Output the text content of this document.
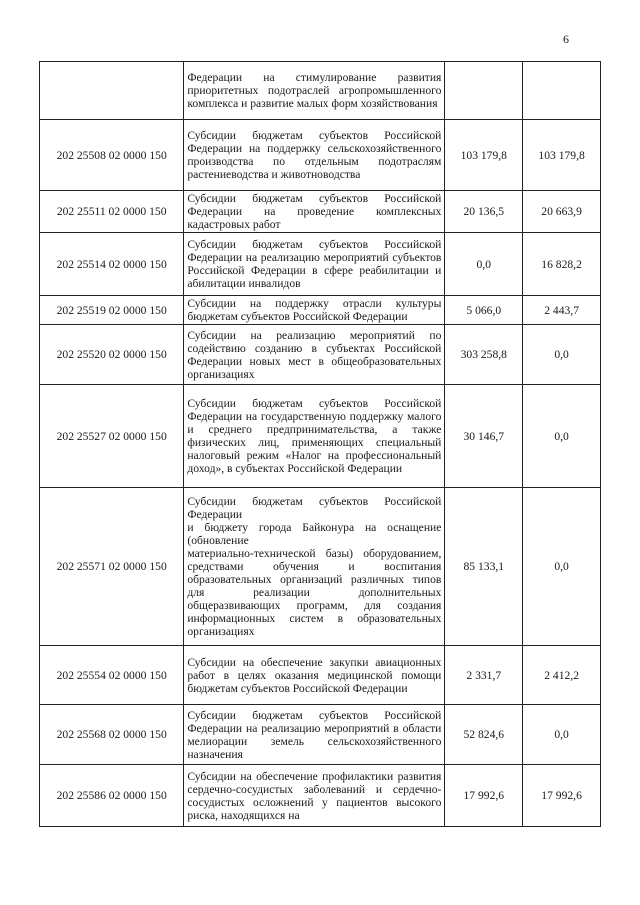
6

	Федерации на стимулирование развития приоритетных подотраслей агропромышленного комплекса и развитие малых форм хозяйствования		

202 25508 02 0000 150	Субсидии бюджетам субъектов Российской Федерации на поддержку сельскохозяйственного производства по отдельным подотраслям растениеводства и животноводства	103 179,8	103 179,8
202 25511 02 0000 150	Субсидии бюджетам субъектов Российской Федерации на проведение комплексных кадастровых работ	20 136,5	20 663,9
202 25514 02 0000 150	Субсидии бюджетам субъектов Российской Федерации на реализацию мероприятий субъектов Российской Федерации в сфере реабилитации и абилитации инвалидов	0,0	16 828,2
202 25519 02 0000 150	Субсидии на поддержку отрасли культуры бюджетам субъектов Российской Федерации	5 066,0	2 443,7
202 25520 02 0000 150	Субсидии на реализацию мероприятий по содействию созданию в субъектах Российской Федерации новых мест в общеобразовательных организациях	303 258,8	0,0
202 25527 02 0000 150	Субсидии бюджетам субъектов Российской Федерации на государственную поддержку малого и среднего предпринимательства, а также физических лиц, применяющих специальный налоговый режим «Налог на профессиональный доход», в субъектах Российской Федерации	30 146,7	0,0
202 25571 02 0000 150	Субсидии бюджетам субъектов Российской Федерации
и бюджету города Байконура на оснащение (обновление
материально-технической базы) оборудованием, средствами обучения и воспитания образовательных организаций различных типов для реализации дополнительных общеразвивающих программ, для создания информационных систем в образовательных организациях	85 133,1	0,0
202 25554 02 0000 150	Субсидии на обеспечение закупки авиационных работ в целях оказания медицинской помощи бюджетам субъектов Российской Федерации	2 331,7	2 412,2
202 25568 02 0000 150	Субсидии бюджетам субъектов Российской Федерации на реализацию мероприятий в области мелиорации земель сельскохозяйственного назначения	52 824,6	0,0
202 25586 02 0000 150	Субсидии на обеспечение профилактики развития сердечно-сосудистых заболеваний и сердечно-сосудистых осложнений у пациентов высокого риска, находящихся на	17 992,6	17 992,6
